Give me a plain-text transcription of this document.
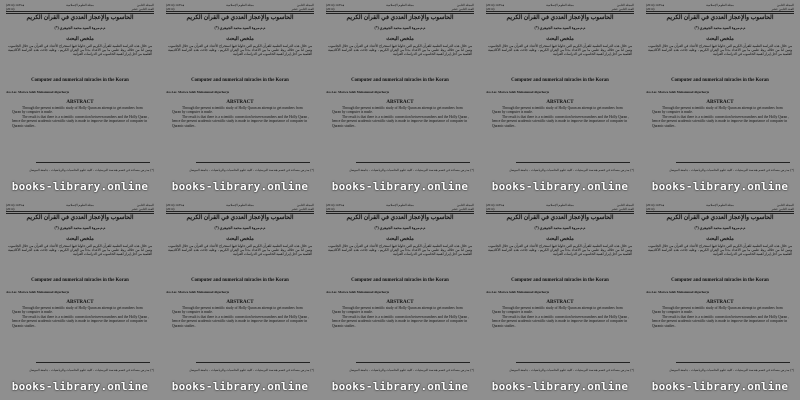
(2014) 1435هـ	مجلة العلوم الإسلامية	المجلد الثامن
(2014)	العدد الثامن عشر
الحاسوب والإعجاز العددي في القرآن الكريم
م.م.مروة السيد محمد الجوهري (*)
ملخص البحث
من خلال هذه الدراسة العلمية للقرآن الكريم التي حاولنا فيها استخراج الأعداد في القرآن من خلال الحاسوب وتبين لنا من خلاله ربط علمي ما بين الأعداد بدءاً من القرآن الكريم ، وعليه جاءت هذه الدراسة الأكاديمية العلمية من أجل إبراز أهمية الحاسوب في الدراسات القرآنية
Computer and numerical miracles in the Koran
Ass.Lec. Marwa Adeb Mohammad Algorhorje
ABSTRACT

Through the present scientific study of Holly Quran an attempt to get numbers from Quran by computer is made.

The result is that there is a scientific connection between numbers and the Holly Quran , hence the present academic scientific study is made to improve the importance of computer in Quranic studies .

(*) مدرس مساعد في قسم هندسة البرمجيات ، كلية علوم الحاسبات والرياضيات ، جامعة الموصل
books-library.online
(2014) 1435هـ	مجلة العلوم الإسلامية	المجلد الثامن
(2014)	العدد الثامن عشر
الحاسوب والإعجاز العددي في القرآن الكريم
م.م.مروة السيد محمد الجوهري (*)
ملخص البحث
من خلال هذه الدراسة العلمية للقرآن الكريم التي حاولنا فيها استخراج الأعداد في القرآن من خلال الحاسوب وتبين لنا من خلاله ربط علمي ما بين الأعداد بدءاً من القرآن الكريم ، وعليه جاءت هذه الدراسة الأكاديمية العلمية من أجل إبراز أهمية الحاسوب في الدراسات القرآنية
Computer and numerical miracles in the Koran
Ass.Lec. Marwa Adeb Mohammad Algorhorje
ABSTRACT

Through the present scientific study of Holly Quran an attempt to get numbers from Quran by computer is made.

The result is that there is a scientific connection between numbers and the Holly Quran , hence the present academic scientific study is made to improve the importance of computer in Quranic studies .

(*) مدرس مساعد في قسم هندسة البرمجيات ، كلية علوم الحاسبات والرياضيات ، جامعة الموصل
books-library.online
(2014) 1435هـ	مجلة العلوم الإسلامية	المجلد الثامن
(2014)	العدد الثامن عشر
الحاسوب والإعجاز العددي في القرآن الكريم
م.م.مروة السيد محمد الجوهري (*)
ملخص البحث
من خلال هذه الدراسة العلمية للقرآن الكريم التي حاولنا فيها استخراج الأعداد في القرآن من خلال الحاسوب وتبين لنا من خلاله ربط علمي ما بين الأعداد بدءاً من القرآن الكريم ، وعليه جاءت هذه الدراسة الأكاديمية العلمية من أجل إبراز أهمية الحاسوب في الدراسات القرآنية
Computer and numerical miracles in the Koran
Ass.Lec. Marwa Adeb Mohammad Algorhorje
ABSTRACT

Through the present scientific study of Holly Quran an attempt to get numbers from Quran by computer is made.

The result is that there is a scientific connection between numbers and the Holly Quran , hence the present academic scientific study is made to improve the importance of computer in Quranic studies .

(*) مدرس مساعد في قسم هندسة البرمجيات ، كلية علوم الحاسبات والرياضيات ، جامعة الموصل
books-library.online
(2014) 1435هـ	مجلة العلوم الإسلامية	المجلد الثامن
(2014)	العدد الثامن عشر
الحاسوب والإعجاز العددي في القرآن الكريم
م.م.مروة السيد محمد الجوهري (*)
ملخص البحث
من خلال هذه الدراسة العلمية للقرآن الكريم التي حاولنا فيها استخراج الأعداد في القرآن من خلال الحاسوب وتبين لنا من خلاله ربط علمي ما بين الأعداد بدءاً من القرآن الكريم ، وعليه جاءت هذه الدراسة الأكاديمية العلمية من أجل إبراز أهمية الحاسوب في الدراسات القرآنية
Computer and numerical miracles in the Koran
Ass.Lec. Marwa Adeb Mohammad Algorhorje
ABSTRACT

Through the present scientific study of Holly Quran an attempt to get numbers from Quran by computer is made.

The result is that there is a scientific connection between numbers and the Holly Quran , hence the present academic scientific study is made to improve the importance of computer in Quranic studies .

(*) مدرس مساعد في قسم هندسة البرمجيات ، كلية علوم الحاسبات والرياضيات ، جامعة الموصل
books-library.online
(2014) 1435هـ	مجلة العلوم الإسلامية	المجلد الثامن
(2014)	العدد الثامن عشر
الحاسوب والإعجاز العددي في القرآن الكريم
م.م.مروة السيد محمد الجوهري (*)
ملخص البحث
من خلال هذه الدراسة العلمية للقرآن الكريم التي حاولنا فيها استخراج الأعداد في القرآن من خلال الحاسوب وتبين لنا من خلاله ربط علمي ما بين الأعداد بدءاً من القرآن الكريم ، وعليه جاءت هذه الدراسة الأكاديمية العلمية من أجل إبراز أهمية الحاسوب في الدراسات القرآنية
Computer and numerical miracles in the Koran
Ass.Lec. Marwa Adeb Mohammad Algorhorje
ABSTRACT

Through the present scientific study of Holly Quran an attempt to get numbers from Quran by computer is made.

The result is that there is a scientific connection between numbers and the Holly Quran , hence the present academic scientific study is made to improve the importance of computer in Quranic studies .

(*) مدرس مساعد في قسم هندسة البرمجيات ، كلية علوم الحاسبات والرياضيات ، جامعة الموصل
books-library.online
(2014) 1435هـ	مجلة العلوم الإسلامية	المجلد الثامن
(2014)	العدد الثامن عشر
الحاسوب والإعجاز العددي في القرآن الكريم
م.م.مروة السيد محمد الجوهري (*)
ملخص البحث
من خلال هذه الدراسة العلمية للقرآن الكريم التي حاولنا فيها استخراج الأعداد في القرآن من خلال الحاسوب وتبين لنا من خلاله ربط علمي ما بين الأعداد بدءاً من القرآن الكريم ، وعليه جاءت هذه الدراسة الأكاديمية العلمية من أجل إبراز أهمية الحاسوب في الدراسات القرآنية
Computer and numerical miracles in the Koran
Ass.Lec. Marwa Adeb Mohammad Algorhorje
ABSTRACT

Through the present scientific study of Holly Quran an attempt to get numbers from Quran by computer is made.

The result is that there is a scientific connection between numbers and the Holly Quran , hence the present academic scientific study is made to improve the importance of computer in Quranic studies .

(*) مدرس مساعد في قسم هندسة البرمجيات ، كلية علوم الحاسبات والرياضيات ، جامعة الموصل
books-library.online
(2014) 1435هـ	مجلة العلوم الإسلامية	المجلد الثامن
(2014)	العدد الثامن عشر
الحاسوب والإعجاز العددي في القرآن الكريم
م.م.مروة السيد محمد الجوهري (*)
ملخص البحث
من خلال هذه الدراسة العلمية للقرآن الكريم التي حاولنا فيها استخراج الأعداد في القرآن من خلال الحاسوب وتبين لنا من خلاله ربط علمي ما بين الأعداد بدءاً من القرآن الكريم ، وعليه جاءت هذه الدراسة الأكاديمية العلمية من أجل إبراز أهمية الحاسوب في الدراسات القرآنية
Computer and numerical miracles in the Koran
Ass.Lec. Marwa Adeb Mohammad Algorhorje
ABSTRACT

Through the present scientific study of Holly Quran an attempt to get numbers from Quran by computer is made.

The result is that there is a scientific connection between numbers and the Holly Quran , hence the present academic scientific study is made to improve the importance of computer in Quranic studies .

(*) مدرس مساعد في قسم هندسة البرمجيات ، كلية علوم الحاسبات والرياضيات ، جامعة الموصل
books-library.online
(2014) 1435هـ	مجلة العلوم الإسلامية	المجلد الثامن
(2014)	العدد الثامن عشر
الحاسوب والإعجاز العددي في القرآن الكريم
م.م.مروة السيد محمد الجوهري (*)
ملخص البحث
من خلال هذه الدراسة العلمية للقرآن الكريم التي حاولنا فيها استخراج الأعداد في القرآن من خلال الحاسوب وتبين لنا من خلاله ربط علمي ما بين الأعداد بدءاً من القرآن الكريم ، وعليه جاءت هذه الدراسة الأكاديمية العلمية من أجل إبراز أهمية الحاسوب في الدراسات القرآنية
Computer and numerical miracles in the Koran
Ass.Lec. Marwa Adeb Mohammad Algorhorje
ABSTRACT

Through the present scientific study of Holly Quran an attempt to get numbers from Quran by computer is made.

The result is that there is a scientific connection between numbers and the Holly Quran , hence the present academic scientific study is made to improve the importance of computer in Quranic studies .

(*) مدرس مساعد في قسم هندسة البرمجيات ، كلية علوم الحاسبات والرياضيات ، جامعة الموصل
books-library.online
(2014) 1435هـ	مجلة العلوم الإسلامية	المجلد الثامن
(2014)	العدد الثامن عشر
الحاسوب والإعجاز العددي في القرآن الكريم
م.م.مروة السيد محمد الجوهري (*)
ملخص البحث
من خلال هذه الدراسة العلمية للقرآن الكريم التي حاولنا فيها استخراج الأعداد في القرآن من خلال الحاسوب وتبين لنا من خلاله ربط علمي ما بين الأعداد بدءاً من القرآن الكريم ، وعليه جاءت هذه الدراسة الأكاديمية العلمية من أجل إبراز أهمية الحاسوب في الدراسات القرآنية
Computer and numerical miracles in the Koran
Ass.Lec. Marwa Adeb Mohammad Algorhorje
ABSTRACT

Through the present scientific study of Holly Quran an attempt to get numbers from Quran by computer is made.

The result is that there is a scientific connection between numbers and the Holly Quran , hence the present academic scientific study is made to improve the importance of computer in Quranic studies .

(*) مدرس مساعد في قسم هندسة البرمجيات ، كلية علوم الحاسبات والرياضيات ، جامعة الموصل
books-library.online
(2014) 1435هـ	مجلة العلوم الإسلامية	المجلد الثامن
(2014)	العدد الثامن عشر
الحاسوب والإعجاز العددي في القرآن الكريم
م.م.مروة السيد محمد الجوهري (*)
ملخص البحث
من خلال هذه الدراسة العلمية للقرآن الكريم التي حاولنا فيها استخراج الأعداد في القرآن من خلال الحاسوب وتبين لنا من خلاله ربط علمي ما بين الأعداد بدءاً من القرآن الكريم ، وعليه جاءت هذه الدراسة الأكاديمية العلمية من أجل إبراز أهمية الحاسوب في الدراسات القرآنية
Computer and numerical miracles in the Koran
Ass.Lec. Marwa Adeb Mohammad Algorhorje
ABSTRACT

Through the present scientific study of Holly Quran an attempt to get numbers from Quran by computer is made.

The result is that there is a scientific connection between numbers and the Holly Quran , hence the present academic scientific study is made to improve the importance of computer in Quranic studies .

(*) مدرس مساعد في قسم هندسة البرمجيات ، كلية علوم الحاسبات والرياضيات ، جامعة الموصل
books-library.online
